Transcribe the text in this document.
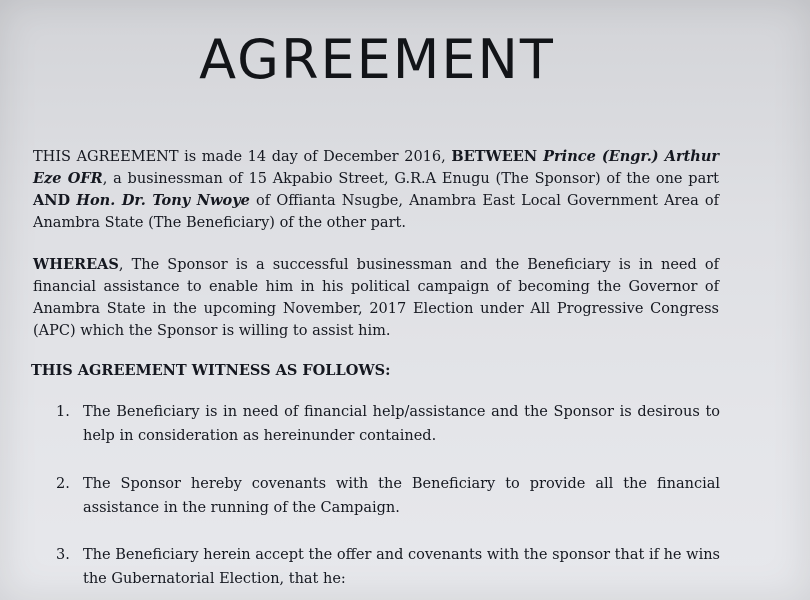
AGREEMENT

THIS AGREEMENT is made 14 day of December 2016, BETWEEN Prince (Engr.) Arthur Eze OFR, a businessman of 15 Akpabio Street, G.R.A Enugu (The Sponsor) of the one part AND Hon. Dr. Tony Nwoye of Offianta Nsugbe, Anambra East Local Government Area of Anambra State (The Beneficiary) of the other part.

WHEREAS, The Sponsor is a successful businessman and the Beneficiary is in need of financial assistance to enable him in his political campaign of becoming the Governor of Anambra State in the upcoming November, 2017 Election under All Progressive Congress (APC) which the Sponsor is willing to assist him.

THIS AGREEMENT WITNESS AS FOLLOWS:

1. The Beneficiary is in need of financial help/assistance and the Sponsor is desirous to help in consideration as hereinunder contained.
2. The Sponsor hereby covenants with the Beneficiary to provide all the financial assistance in the running of the Campaign.
3. The Beneficiary herein accept the offer and covenants with the sponsor that if he wins the Gubernatorial Election, that he:
